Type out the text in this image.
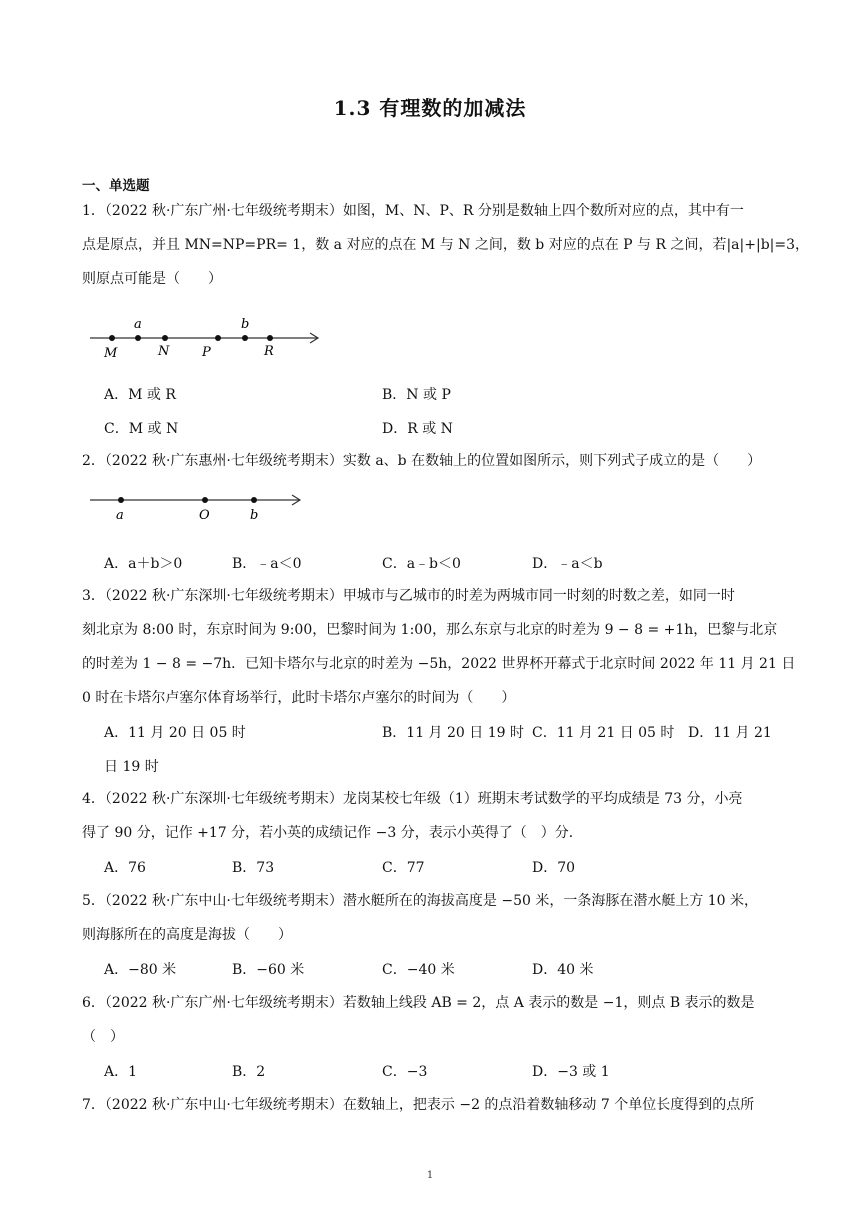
1.3 有理数的加减法
一、单选题
1．（2022 秋·广东广州·七年级统考期末）如图，M、N、P、R 分别是数轴上四个数所对应的点，其中有一
点是原点，并且 MN=NP=PR= 1，数 a 对应的点在 M 与 N 之间，数 b 对应的点在 P 与 R 之间，若|a|+|b|=3，
则原点可能是（　　）
M
a
N	P
b
R
A．M 或 R	B．N 或 P
C．M 或 N	D．R 或 N
2．（2022 秋·广东惠州·七年级统考期末）实数 a、b 在数轴上的位置如图所示，则下列式子成立的是（　　）
a	O	b
A．a＋b＞0	B．﹣a＜0	C．a﹣b＜0	D．﹣a＜b
3．（2022 秋·广东深圳·七年级统考期末）甲城市与乙城市的时差为两城市同一时刻的时数之差，如同一时
刻北京为 8:00 时，东京时间为 9:00，巴黎时间为 1:00，那么东京与北京的时差为 9 − 8 = +1h，巴黎与北京
的时差为 1 − 8 = −7h．已知卡塔尔与北京的时差为 −5h，2022 世界杯开幕式于北京时间 2022 年 11 月 21 日
0 时在卡塔尔卢塞尔体育场举行，此时卡塔尔卢塞尔的时间为（　　）
A．11 月 20 日 05 时	B．11 月 20 日 19 时 C．11 月 21 日 05 时 D．11 月 21
日 19 时
4．（2022 秋·广东深圳·七年级统考期末）龙岗某校七年级（1）班期末考试数学的平均成绩是 73 分，小亮
得了 90 分，记作 +17 分，若小英的成绩记作 −3 分，表示小英得了（　）分．
A．76	B．73	C．77	D．70
5．（2022 秋·广东中山·七年级统考期末）潜水艇所在的海拔高度是 −50 米，一条海豚在潜水艇上方 10 米，
则海豚所在的高度是海拔（　　）
A．−80 米	B．−60 米	C．−40 米	D．40 米
6．（2022 秋·广东广州·七年级统考期末）若数轴上线段 AB = 2，点 A 表示的数是 −1，则点 B 表示的数是
（　）
A．1	B．2	C．−3	D．−3 或 1
7．（2022 秋·广东中山·七年级统考期末）在数轴上，把表示 −2 的点沿着数轴移动 7 个单位长度得到的点所
1
